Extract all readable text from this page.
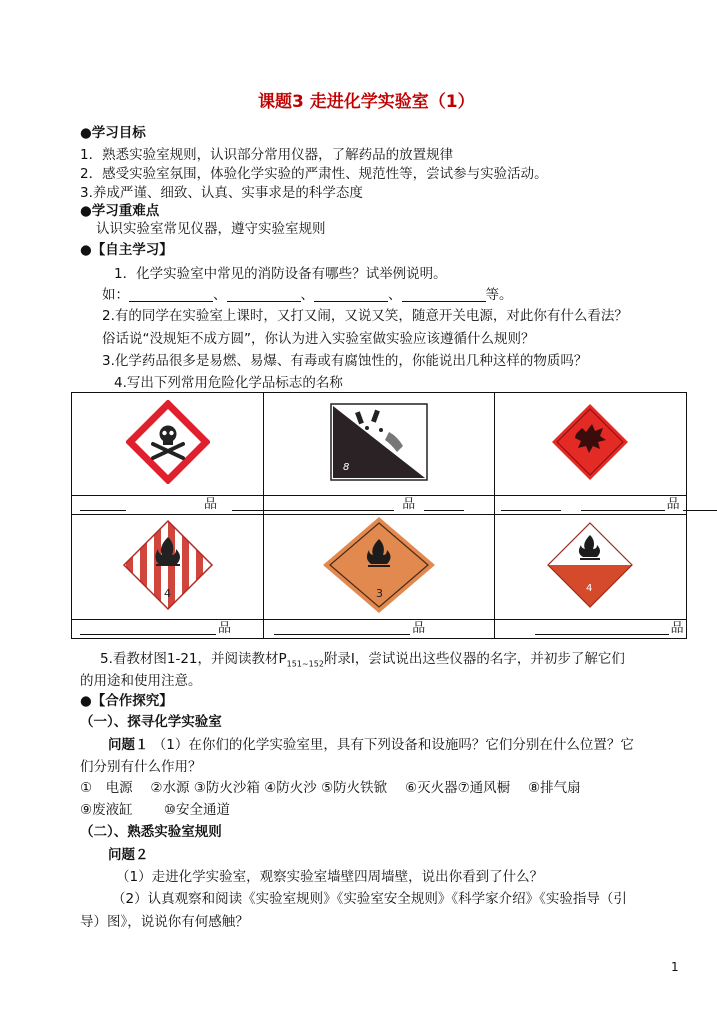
课题3 走进化学实验室（1）
●学习目标
1．熟悉实验室规则，认识部分常用仪器，了解药品的放置规律
2．感受实验室氛围，体验化学实验的严肃性、规范性等，尝试参与实验活动。
3.养成严谨、细致、认真、实事求是的科学态度
●学习重难点
认识实验室常见仪器，遵守实验室规则
●【自主学习】
1．化学实验室中常见的消防设备有哪些？试举例说明。
如：	、	、	、	等。
2.有的同学在实验室上课时，又打又闹，又说又笑，随意开关电源，对此你有什么看法？
俗话说“没规矩不成方圆”，你认为进入实验室做实验应该遵循什么规则？
3.化学药品很多是易燃、易爆、有毒或有腐蚀性的，你能说出几种这样的物质吗？
4.写出下列常用危险化学品标志的名称

8

品	品	品

4	3	4

品	品	品
5.看教材图1-21，并阅读教材$P_{151\sim 152}$附录Ⅰ，尝试说出这些仪器的名字，并初步了解它们
的用途和使用注意。
●【合作探究】
（一）、探寻化学实验室
问题１ （1）在你们的化学实验室里，具有下列设备和设施吗？它们分别在什么位置？它
们分别有什么作用？
①　电源　 ②水源 ③防火沙箱 ④防火沙 ⑤防火铁锨　 ⑥灭火器⑦通风橱　 ⑧排气扇
⑨废液缸　　 ⑩安全通道
（二）、熟悉实验室规则
问题２
（1）走进化学实验室，观察实验室墙壁四周墙壁，说出你看到了什么？
（2）认真观察和阅读《实验室规则》《实验室安全规则》《科学家介绍》《实验指导（引
导）图》，说说你有何感触？
1
